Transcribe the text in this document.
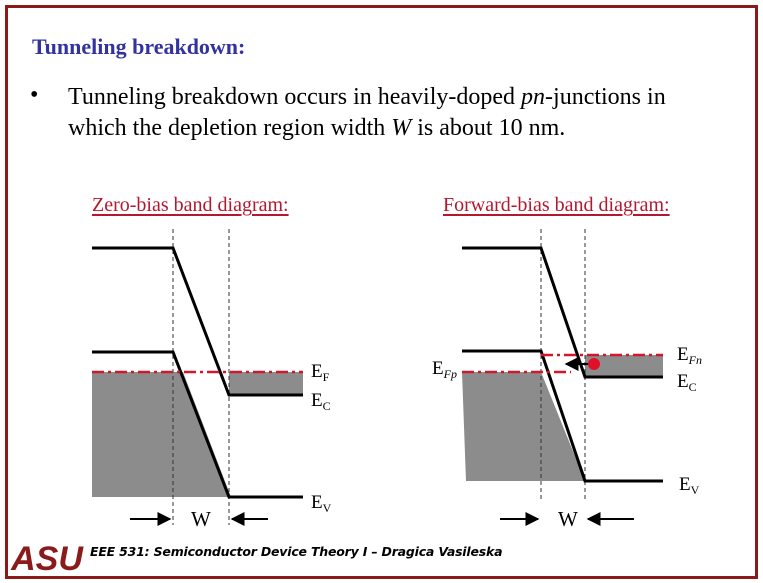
Tunneling breakdown:
• Tunneling breakdown occurs in heavily-doped pn-junctions in which the depletion region width W is about 10 nm.
Zero-bias band diagram:	Forward-bias band diagram:
$E_F$
$E_C$
$E_V$
W
$E_{Fp}$
$E_{Fn}$
$E_C$
$E_V$
W
ASU EEE 531: Semiconductor Device Theory I – Dragica Vasileska
